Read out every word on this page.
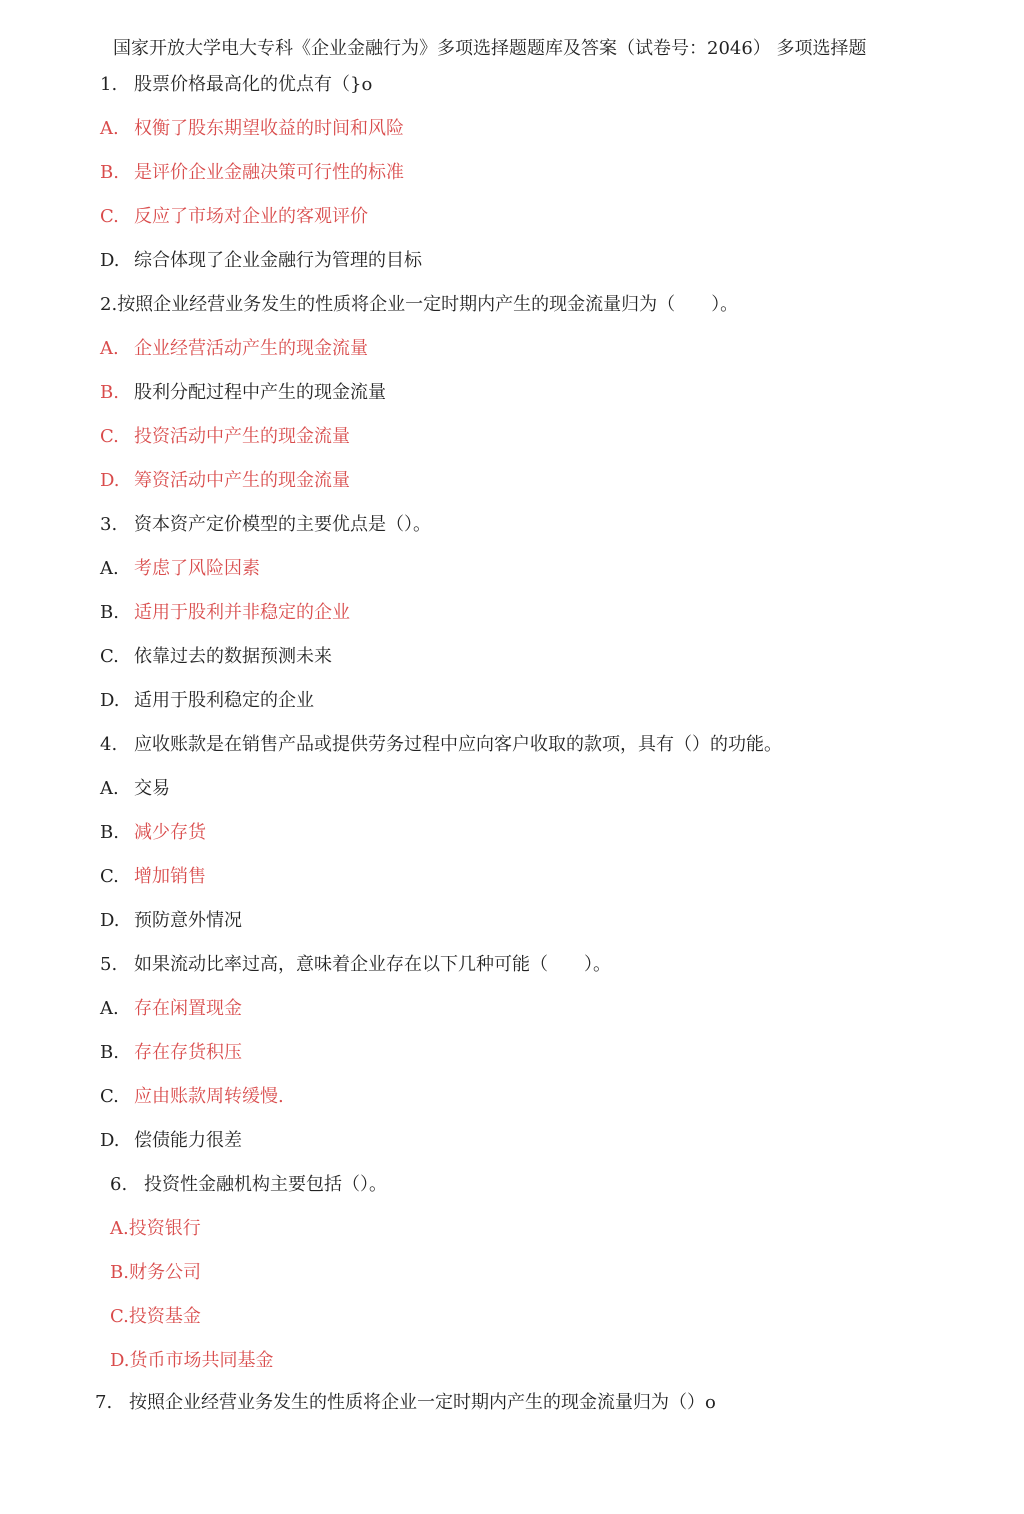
国家开放大学电大专科《企业金融行为》多项选择题题库及答案（试卷号：2046） 多项选择题
1. 股票价格最高化的优点有（}o
A. 权衡了股东期望收益的时间和风险
B. 是评价企业金融决策可行性的标准
C. 反应了市场对企业的客观评价
D. 综合体现了企业金融行为管理的目标
2.按照企业经营业务发生的性质将企业一定时期内产生的现金流量归为（ ）。
A. 企业经营活动产生的现金流量
B. 股利分配过程中产生的现金流量
C. 投资活动中产生的现金流量
D. 筹资活动中产生的现金流量
3. 资本资产定价模型的主要优点是（）。
A. 考虑了风险因素
B. 适用于股利并非稳定的企业
C. 依靠过去的数据预测未来
D. 适用于股利稳定的企业
4. 应收账款是在销售产品或提供劳务过程中应向客户收取的款项，具有（）的功能。
A. 交易
B. 减少存货
C. 增加销售
D. 预防意外情况
5. 如果流动比率过高，意味着企业存在以下几种可能（ ）。
A. 存在闲置现金
B. 存在存货积压
C. 应由账款周转缓慢.
D. 偿债能力很差
6. 投资性金融机构主要包括（）。
A.投资银行
B.财务公司
C.投资基金
D.货币市场共同基金
7. 按照企业经营业务发生的性质将企业一定时期内产生的现金流量归为（）o
